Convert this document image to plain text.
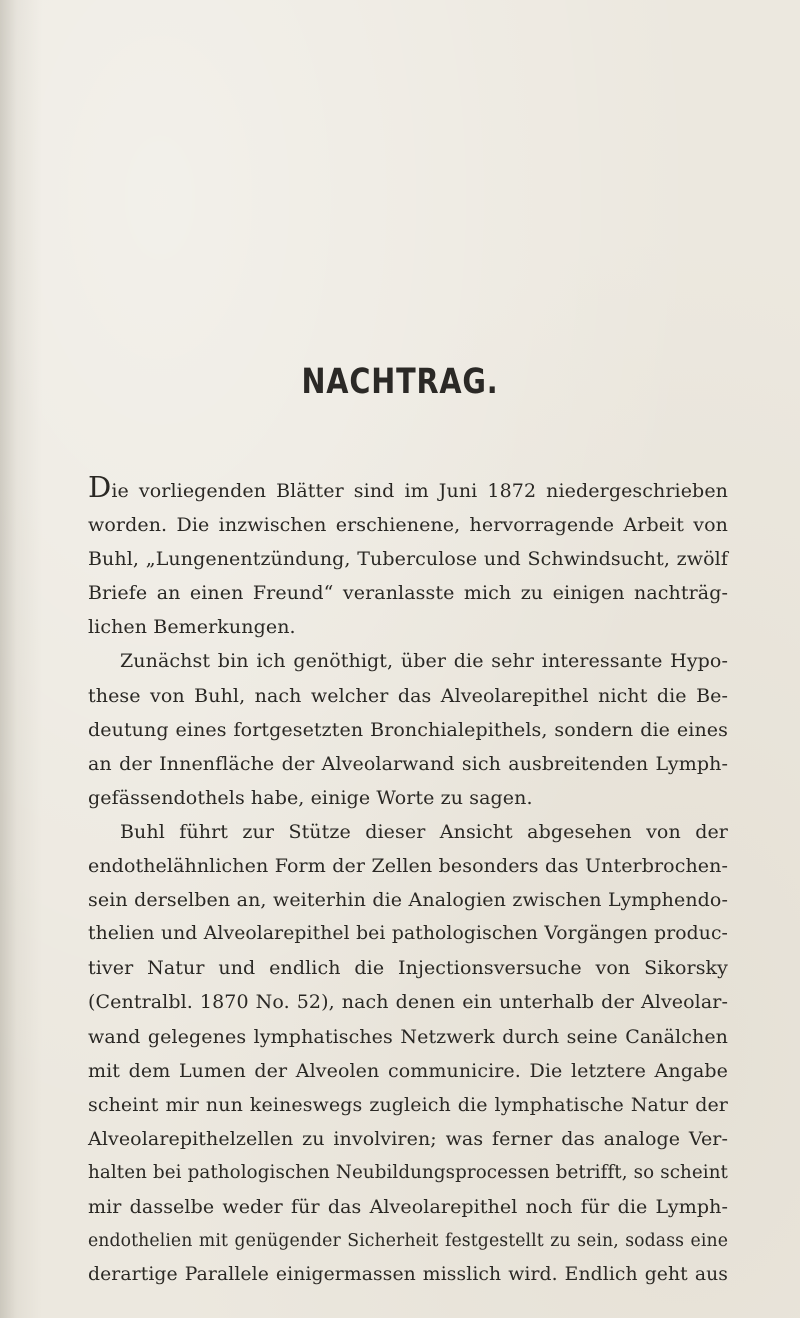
NACHTRAG.
Die vorliegenden Blätter sind im Juni 1872 niedergeschrieben
worden. Die inzwischen erschienene, hervorragende Arbeit von
Buhl, „Lungenentzündung, Tuberculose und Schwindsucht, zwölf
Briefe an einen Freund“ veranlasste mich zu einigen nachträg-
lichen Bemerkungen.
Zunächst bin ich genöthigt, über die sehr interessante Hypo-
these von Buhl, nach welcher das Alveolarepithel nicht die Be-
deutung eines fortgesetzten Bronchialepithels, sondern die eines
an der Innenfläche der Alveolarwand sich ausbreitenden Lymph-
gefässendothels habe, einige Worte zu sagen.
Buhl führt zur Stütze dieser Ansicht abgesehen von der
endothelähnlichen Form der Zellen besonders das Unterbrochen-
sein derselben an, weiterhin die Analogien zwischen Lymphendo-
thelien und Alveolarepithel bei pathologischen Vorgängen produc-
tiver Natur und endlich die Injectionsversuche von Sikorsky
(Centralbl. 1870 No. 52), nach denen ein unterhalb der Alveolar-
wand gelegenes lymphatisches Netzwerk durch seine Canälchen
mit dem Lumen der Alveolen communicire. Die letztere Angabe
scheint mir nun keineswegs zugleich die lymphatische Natur der
Alveolarepithelzellen zu involviren; was ferner das analoge Ver-
halten bei pathologischen Neubildungsprocessen betrifft, so scheint
mir dasselbe weder für das Alveolarepithel noch für die Lymph-
endothelien mit genügender Sicherheit festgestellt zu sein, sodass eine
derartige Parallele einigermassen misslich wird. Endlich geht aus
